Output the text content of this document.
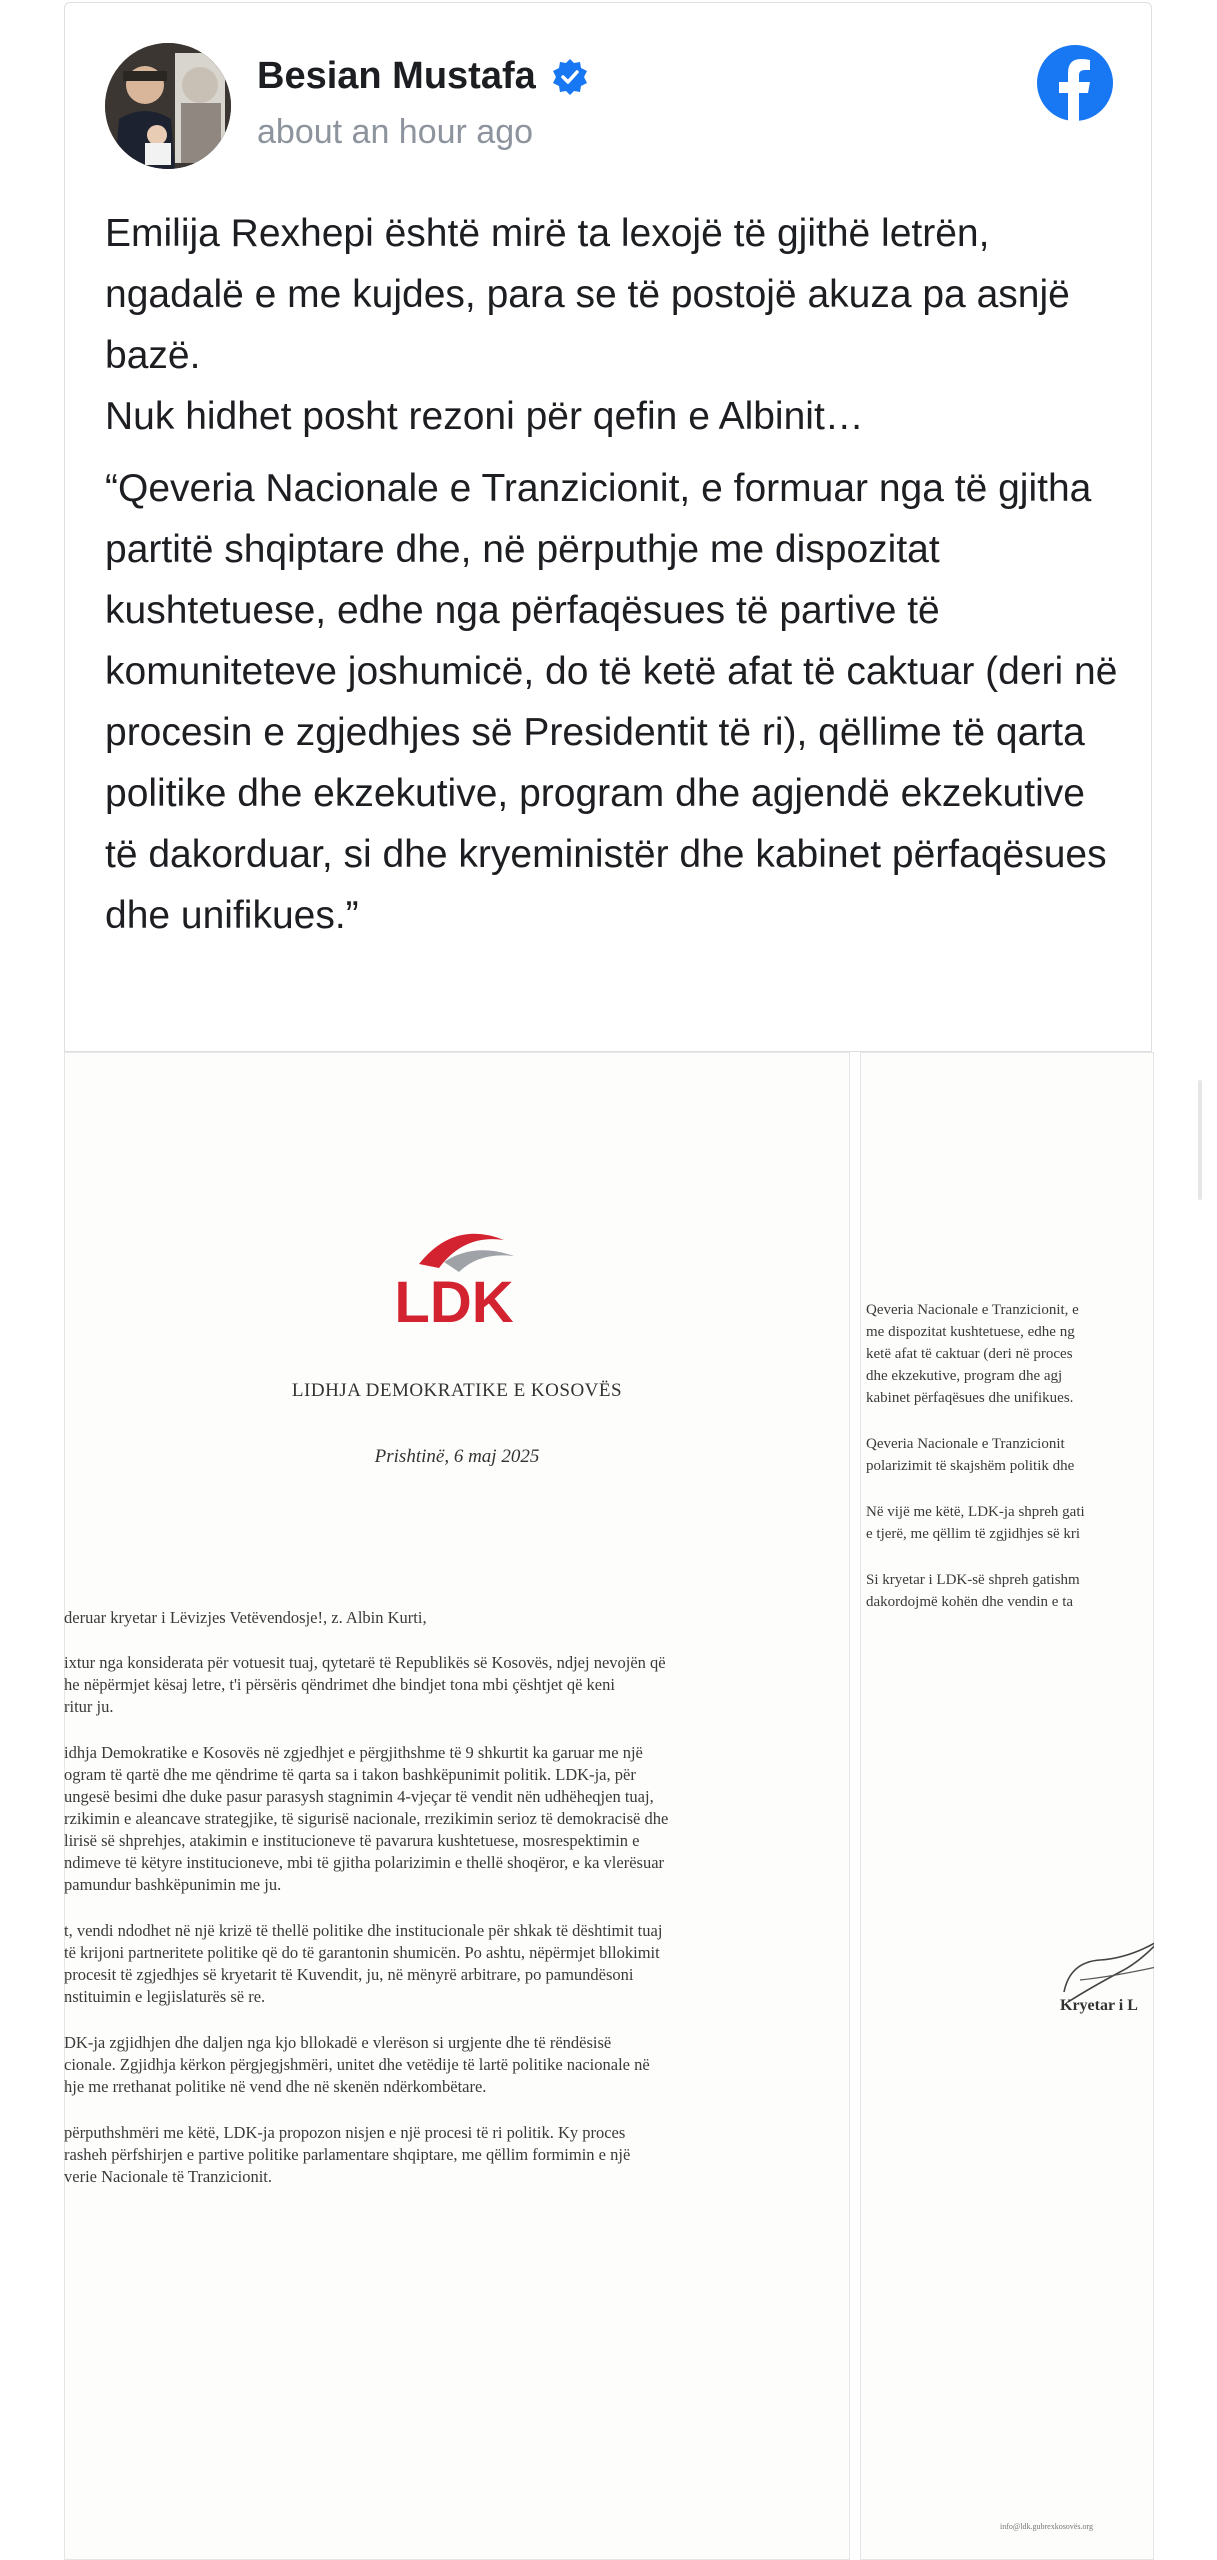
Besian Mustafa
about an hour ago

Emilija Rexhepi është mirë ta lexojë të gjithë letrën, ngadalë e me kujdes, para se të postojë akuza pa asnjë bazë.

Nuk hidhet posht rezoni për qefin e Albinit…

“Qeveria Nacionale e Tranzicionit, e formuar nga të gjitha partitë shqiptare dhe, në përputhje me dispozitat kushtetuese, edhe nga përfaqësues të partive të komuniteteve joshumicë, do të ketë afat të caktuar (deri në procesin e zgjedhjes së Presidentit të ri), qëllime të qarta politike dhe ekzekutive, program dhe agjendë ekzekutive të dakorduar, si dhe kryeministër dhe kabinet përfaqësues dhe unifikues.”

LDK
LIDHJA DEMOKRATIKE E KOSOVËS
Prishtinë, 6 maj 2025
deruar kryetar i Lëvizjes Vetëvendosje!, z. Albin Kurti,
ixtur nga konsiderata për votuesit tuaj, qytetarë të Republikës së Kosovës, ndjej nevojën që
he nëpërmjet kësaj letre, t'i përsëris qëndrimet dhe bindjet tona mbi çështjet që keni
ritur ju.
idhja Demokratike e Kosovës në zgjedhjet e përgjithshme të 9 shkurtit ka garuar me një
ogram të qartë dhe me qëndrime të qarta sa i takon bashkëpunimit politik. LDK-ja, për
ungesë besimi dhe duke pasur parasysh stagnimin 4-vjeçar të vendit nën udhëheqjen tuaj,
rzikimin e aleancave strategjike, të sigurisë nacionale, rrezikimin serioz të demokracisë dhe
lirisë së shprehjes, atakimin e institucioneve të pavarura kushtetuese, mosrespektimin e
ndimeve të këtyre institucioneve, mbi të gjitha polarizimin e thellë shoqëror, e ka vlerësuar
pamundur bashkëpunimin me ju.
t, vendi ndodhet në një krizë të thellë politike dhe institucionale për shkak të dështimit tuaj
të krijoni partneritete politike që do të garantonin shumicën. Po ashtu, nëpërmjet bllokimit
procesit të zgjedhjes së kryetarit të Kuvendit, ju, në mënyrë arbitrare, po pamundësoni
nstituimin e legjislaturës së re.
DK-ja zgjidhjen dhe daljen nga kjo bllokadë e vlerëson si urgjente dhe të rëndësisë
cionale. Zgjidhja kërkon përgjegjshmëri, unitet dhe vetëdije të lartë politike nacionale në
hje me rrethanat politike në vend dhe në skenën ndërkombëtare.
përputhshmëri me këtë, LDK-ja propozon nisjen e një procesi të ri politik. Ky proces
rasheh përfshirjen e partive politike parlamentare shqiptare, me qëllim formimin e një
verie Nacionale të Tranzicionit.
Kryetar i L
info@ldk.gubrexkosovës.org
Qeveria Nacionale e Tranzicionit, e
me dispozitat kushtetuese, edhe ng
ketë afat të caktuar (deri në proces
dhe ekzekutive, program dhe agj
kabinet përfaqësues dhe unifikues.
Qeveria Nacionale e Tranzicionit
polarizimit të skajshëm politik dhe
Në vijë me këtë, LDK-ja shpreh gati
e tjerë, me qëllim të zgjidhjes së kri
Si kryetar i LDK-së shpreh gatishm
dakordojmë kohën dhe vendin e ta
